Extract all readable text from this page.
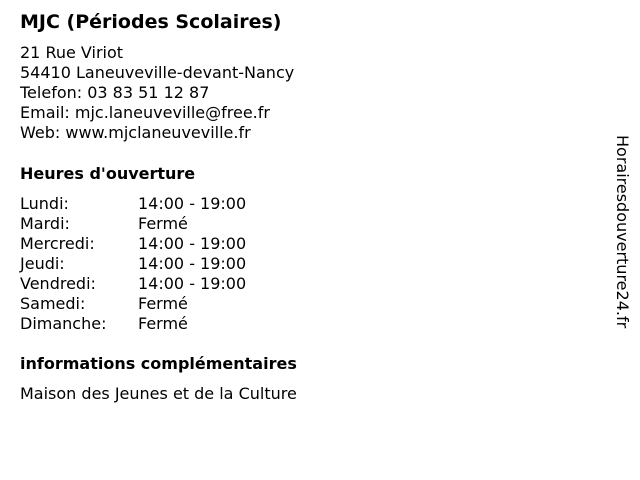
MJC (Périodes Scolaires)
21 Rue Viriot
54410 Laneuveville-devant-Nancy
Telefon: 03 83 51 12 87
Email: mjc.laneuveville@free.fr
Web: www.mjclaneuveville.fr
Heures d'ouverture
Lundi:	14:00 - 19:00
Mardi:	Fermé
Mercredi:	14:00 - 19:00
Jeudi:	14:00 - 19:00
Vendredi:	14:00 - 19:00
Samedi:	Fermé
Dimanche:	Fermé
informations complémentaires
Maison des Jeunes et de la Culture
Horairesdouverture24.fr
